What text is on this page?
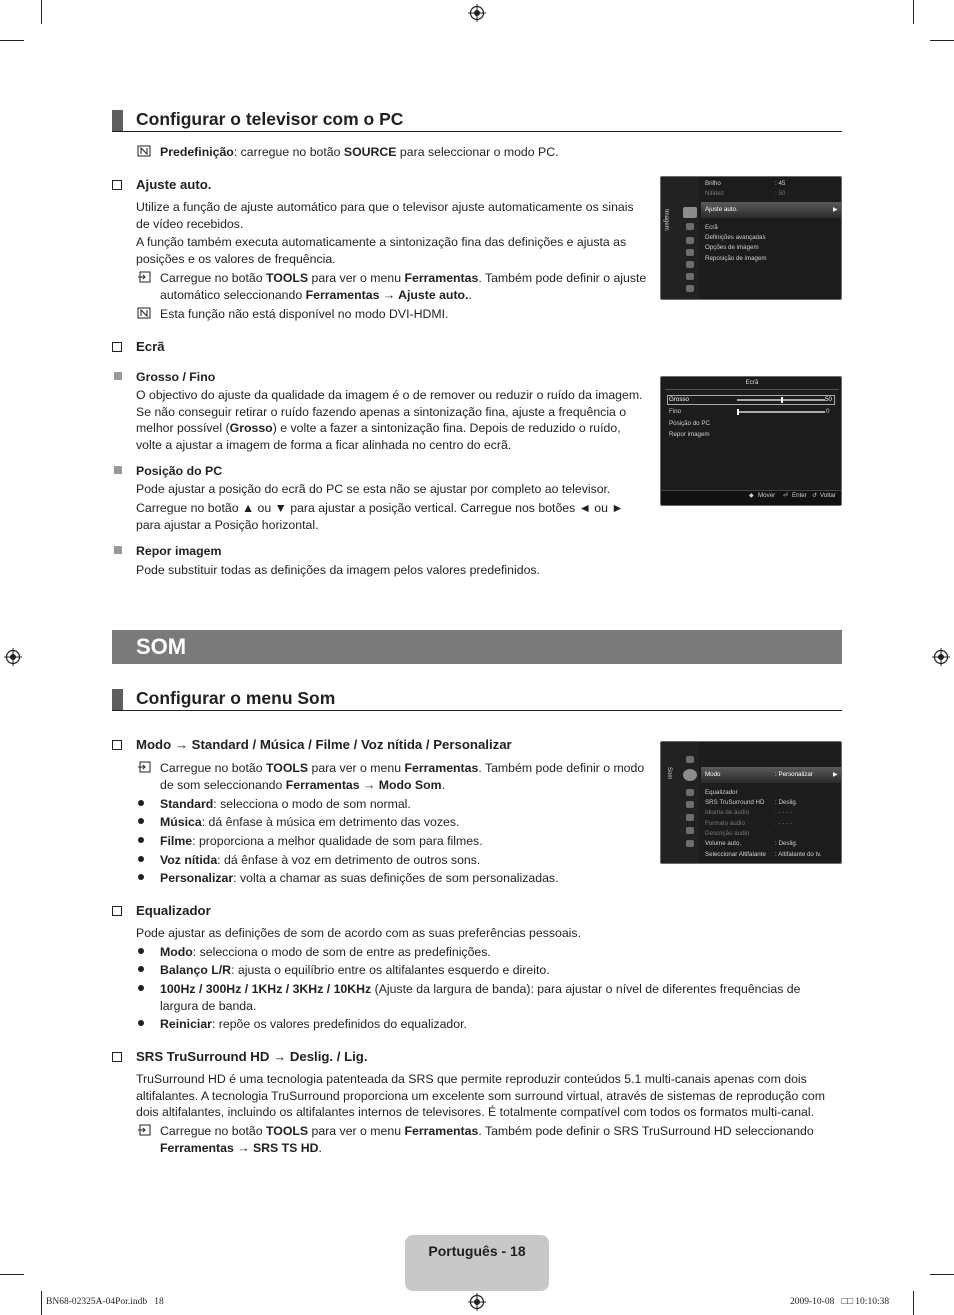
Configurar o televisor com o PC
Predefinição: carregue no botão SOURCE para seleccionar o modo PC.
Ajuste auto.
Utilize a função de ajuste automático para que o televisor ajuste automaticamente os sinais de vídeo recebidos.
A função também executa automaticamente a sintonização fina das definições e ajusta as posições e os valores de frequência.
Carregue no botão TOOLS para ver o menu Ferramentas. Também pode definir o ajuste automático seleccionando Ferramentas → Ajuste auto..
Esta função não está disponível no modo DVI-HDMI.
Imagem
Brilho	: 45
Nitidez	: 50
Ajuste auto.	▶
Ecrã
Definições avançadas
Opções de imagem
Reposição de imagem
Ecrã
Grosso / Fino
O objectivo do ajuste da qualidade da imagem é o de remover ou reduzir o ruído da imagem. Se não conseguir retirar o ruído fazendo apenas a sintonização fina, ajuste a frequência o melhor possível (Grosso) e volte a fazer a sintonização fina. Depois de reduzido o ruído, volte a ajustar a imagem de forma a ficar alinhada no centro do ecrã.
Posição do PC
Pode ajustar a posição do ecrã do PC se esta não se ajustar por completo ao televisor.
Carregue no botão ▲ ou ▼ para ajustar a posição vertical. Carregue nos botões ◄ ou ► para ajustar a Posição horizontal.
Repor imagem
Pode substituir todas as definições da imagem pelos valores predefinidos.
Ecrã
Grosso	50
Fino	0
Posição do PC
Repor imagem
◆ Mover ⏎ Enter ↺ Voltar
SOM
Configurar o menu Som
Modo → Standard / Música / Filme / Voz nítida / Personalizar
Carregue no botão TOOLS para ver o menu Ferramentas. Também pode definir o modo de som seleccionando Ferramentas → Modo Som.
Standard: selecciona o modo de som normal.
Música: dá ênfase à música em detrimento das vozes.
Filme: proporciona a melhor qualidade de som para filmes.
Voz nítida: dá ênfase à voz em detrimento de outros sons.
Personalizar: volta a chamar as suas definições de som personalizadas.
Som	Modo	: Personalizar	▶
Equalizador
SRS TruSurround HD : Deslig.
Idioma de áudio	: - - - -
Formato áudio	: - - - -
Descrição áudio
Volume auto.	: Deslig.
Seleccionar Altifalante : Altifalante do tv.
Equalizador
Pode ajustar as definições de som de acordo com as suas preferências pessoais.
Modo: selecciona o modo de som de entre as predefinições.
Balanço L/R: ajusta o equilíbrio entre os altifalantes esquerdo e direito.
100Hz / 300Hz / 1KHz / 3KHz / 10KHz (Ajuste da largura de banda): para ajustar o nível de diferentes frequências de largura de banda.
Reiniciar: repõe os valores predefinidos do equalizador.
SRS TruSurround HD → Deslig. / Lig.
TruSurround HD é uma tecnologia patenteada da SRS que permite reproduzir conteúdos 5.1 multi-canais apenas com dois altifalantes. A tecnologia TruSurround proporciona um excelente som surround virtual, através de sistemas de reprodução com dois altifalantes, incluindo os altifalantes internos de televisores. É totalmente compatível com todos os formatos multi-canal.
Carregue no botão TOOLS para ver o menu Ferramentas. Também pode definir o SRS TruSurround HD seleccionando Ferramentas → SRS TS HD.
Português - 18
BN68-02325A-04Por.indb   18	2009-10-08   □□ 10:10:38
